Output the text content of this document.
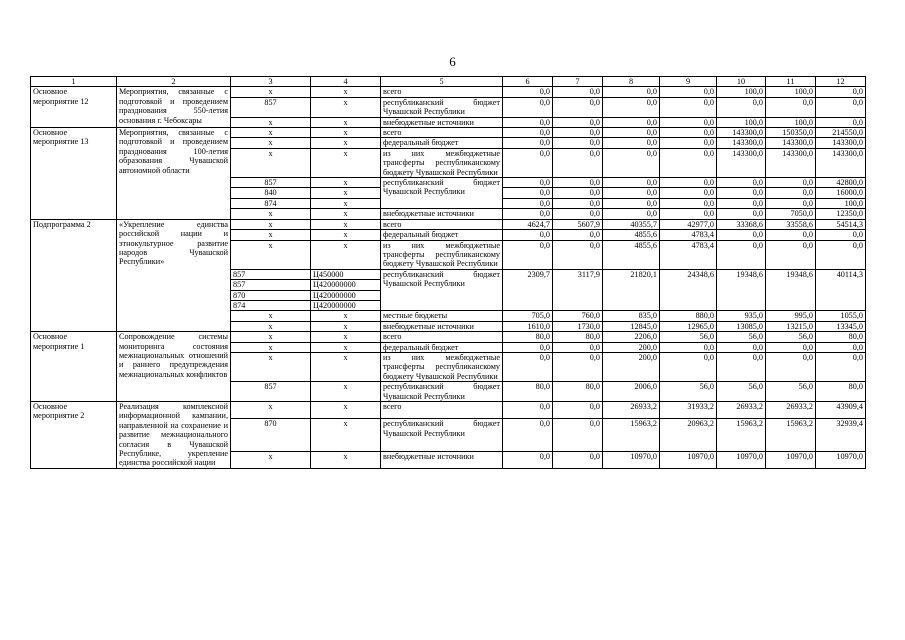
6
1	2	3	4	5	6	7	8	9	10	11	12
Основное мероприятие 12	Мероприятия, связанные с подготовкой и проведением празднования 550-летия основания г. Чебоксары	х	х	всего	0,0	0,0	0,0	0,0	100,0	100,0	0,0
		857	х	республиканский бюджет Чувашской Республики	0,0	0,0	0,0	0,0	0,0	0,0	0,0
		х	х	внебюджетные источники	0,0	0,0	0,0	0,0	100,0	100,0	0,0
Основное мероприятие 13	Мероприятия, связанные с подготовкой и проведением празднования 100-летия образования Чувашской автономной области	х	х	всего	0,0	0,0	0,0	0,0	143300,0	150350,0	214550,0
		х	х	федеральный бюджет	0,0	0,0	0,0	0,0	143300,0	143300,0	143300,0
		х	х	из них межбюджетные трансферты республиканскому бюджету Чувашской Республики	0,0	0,0	0,0	0,0	143300,0	143300,0	143300,0
		857	х	республиканский бюджет Чувашской Республики	0,0	0,0	0,0	0,0	0,0	0,0	42800,0
		840	х		0,0	0,0	0,0	0,0	0,0	0,0	16000,0
		874	х		0,0	0,0	0,0	0,0	0,0	0,0	100,0
		х	х	внебюджетные источники	0,0	0,0	0,0	0,0	0,0	7050,0	12350,0
Подпрограмма 2	«Укрепление единства российской нации и этнокультурное развитие народов Чувашской Республики»	х	х	всего	4624,7	5607,9	40355,7	42977,0	33368,6	33558,6	54514,3
		х	х	федеральный бюджет	0,0	0,0	4855,6	4783,4	0,0	0,0	0,0
		х	х	из них межбюджетные трансферты республиканскому бюджету Чувашской Республики	0,0	0,0	4855,6	4783,4	0,0	0,0	0,0
		857	Ц450000	республиканский бюджет Чувашской Республики	2309,7	3117,9	21820,1	24348,6	19348,6	19348,6	40114,3
		857	Ц420000000								
		870	Ц420000000								
		874	Ц420000000								
		х	х	местные бюджеты	705,0	760,0	835,0	880,0	935,0	995,0	1055,0
		х	х	внебюджетные источники	1610,0	1730,0	12845,0	12965,0	13085,0	13215,0	13345,0
Основное мероприятие 1	Сопровождение системы мониторинга состояния межнациональных отношений и раннего предупреждения межнациональных конфликтов	х	х	всего	80,0	80,0	2206,0	56,0	56,0	56,0	80,0
		х	х	федеральный бюджет	0,0	0,0	200,0	0,0	0,0	0,0	0,0
		х	х	из них межбюджетные трансферты республиканскому бюджету Чувашской Республики	0,0	0,0	200,0	0,0	0,0	0,0	0,0
		857	х	республиканский бюджет Чувашской Республики	80,0	80,0	2006,0	56,0	56,0	56,0	80,0
Основное мероприятие 2	Реализация комплексной информационной кампании, направленной на сохранение и развитие межнационального согласия в Чувашской Республике, укрепление единства российской нации	х	х	всего	0,0	0,0	26933,2	31933,2	26933,2	26933,2	43909,4
		870	х	республиканский бюджет Чувашской Республики	0,0	0,0	15963,2	20963,2	15963,2	15963,2	32939,4
		х	х	внебюджетные источники	0,0	0,0	10970,0	10970,0	10970,0	10970,0	10970,0
